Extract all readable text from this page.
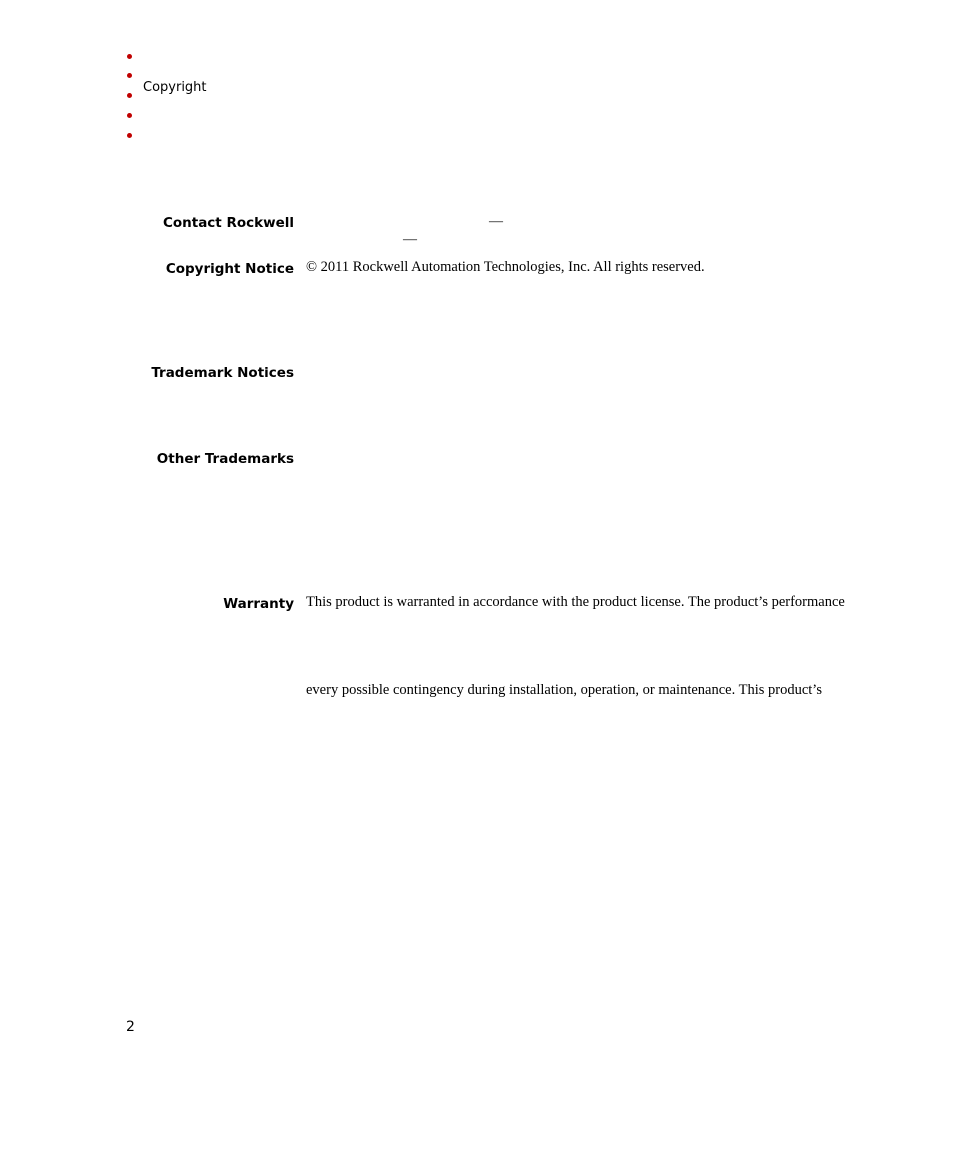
Copyright
Contact Rockwell	—
—
Copyright Notice © 2011 Rockwell Automation Technologies, Inc. All rights reserved.
Trademark Notices
Other Trademarks
Warranty This product is warranted in accordance with the product license. The product’s performance
every possible contingency during installation, operation, or maintenance. This product’s
2
